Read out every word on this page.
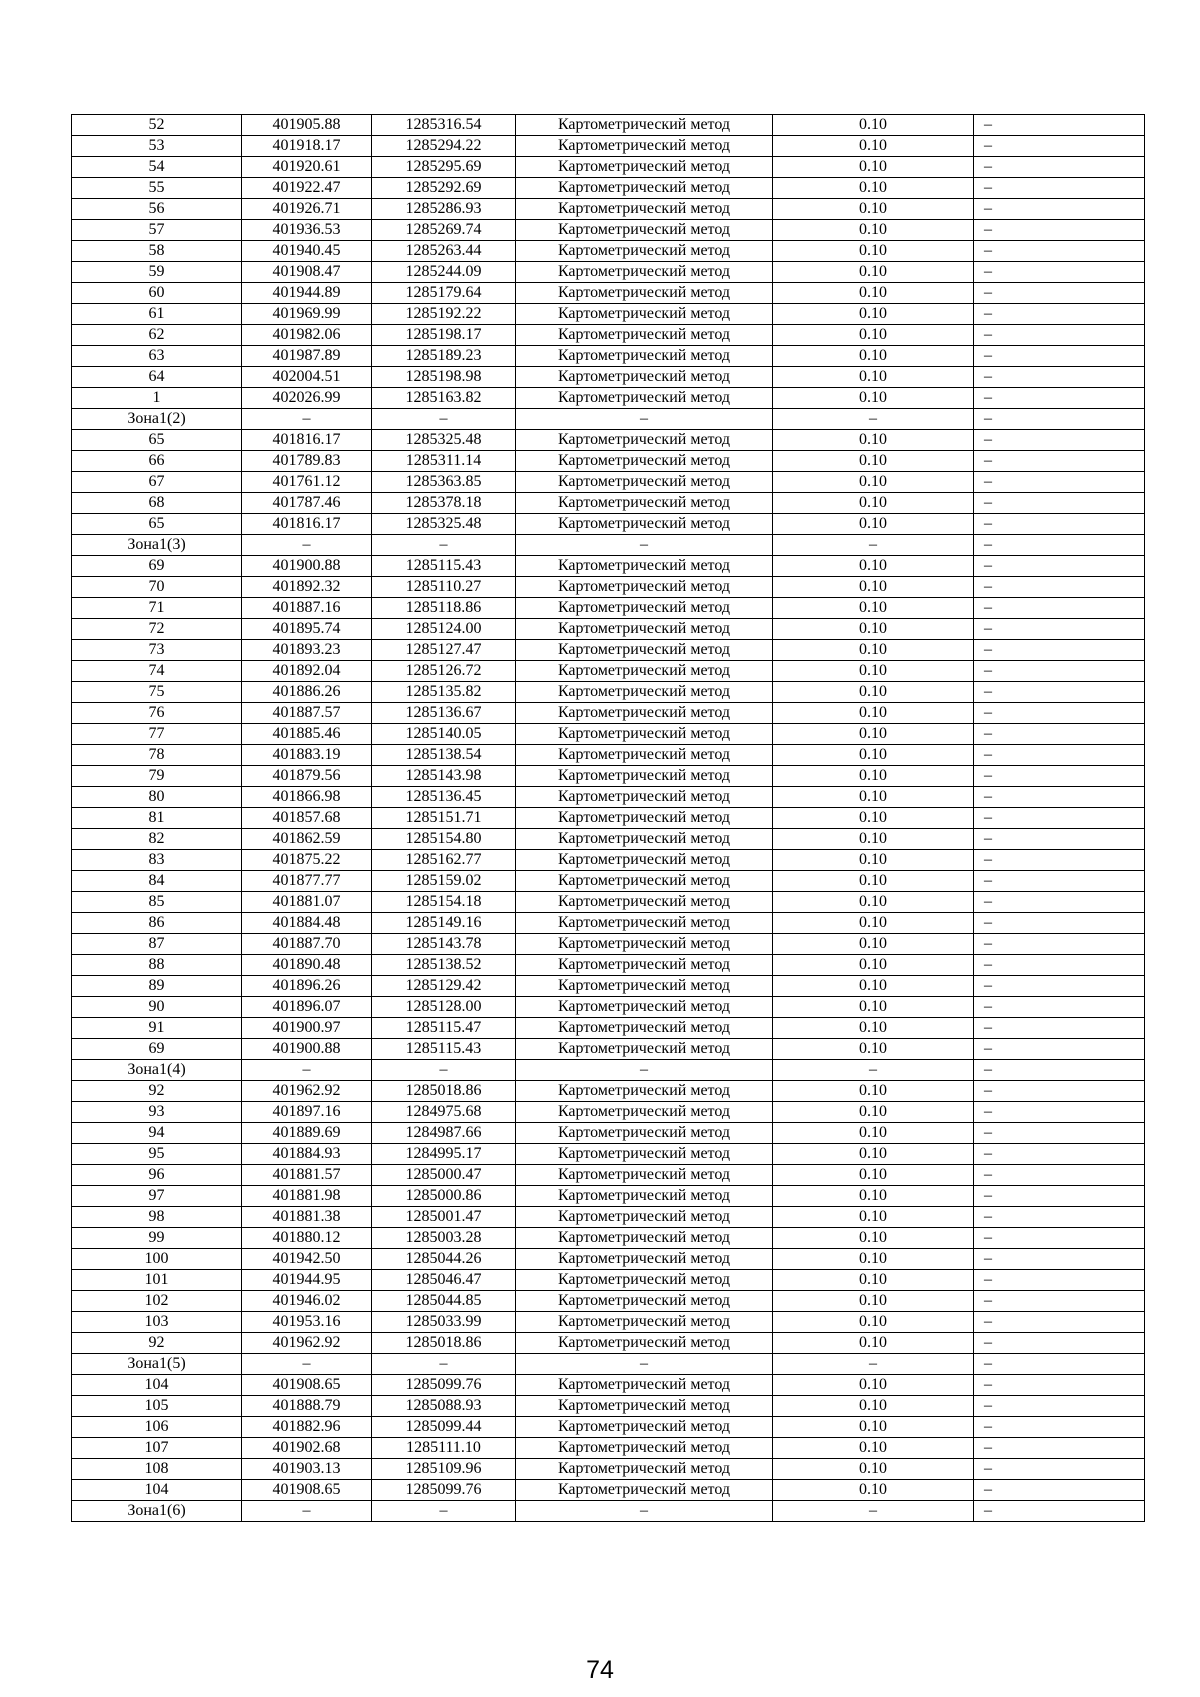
52	401905.88	1285316.54	Картометрический метод	0.10	–
53	401918.17	1285294.22	Картометрический метод	0.10	–
54	401920.61	1285295.69	Картометрический метод	0.10	–
55	401922.47	1285292.69	Картометрический метод	0.10	–
56	401926.71	1285286.93	Картометрический метод	0.10	–
57	401936.53	1285269.74	Картометрический метод	0.10	–
58	401940.45	1285263.44	Картометрический метод	0.10	–
59	401908.47	1285244.09	Картометрический метод	0.10	–
60	401944.89	1285179.64	Картометрический метод	0.10	–
61	401969.99	1285192.22	Картометрический метод	0.10	–
62	401982.06	1285198.17	Картометрический метод	0.10	–
63	401987.89	1285189.23	Картометрический метод	0.10	–
64	402004.51	1285198.98	Картометрический метод	0.10	–
1	402026.99	1285163.82	Картометрический метод	0.10	–
Зона1(2)	–	–	–	–	–
65	401816.17	1285325.48	Картометрический метод	0.10	–
66	401789.83	1285311.14	Картометрический метод	0.10	–
67	401761.12	1285363.85	Картометрический метод	0.10	–
68	401787.46	1285378.18	Картометрический метод	0.10	–
65	401816.17	1285325.48	Картометрический метод	0.10	–
Зона1(3)	–	–	–	–	–
69	401900.88	1285115.43	Картометрический метод	0.10	–
70	401892.32	1285110.27	Картометрический метод	0.10	–
71	401887.16	1285118.86	Картометрический метод	0.10	–
72	401895.74	1285124.00	Картометрический метод	0.10	–
73	401893.23	1285127.47	Картометрический метод	0.10	–
74	401892.04	1285126.72	Картометрический метод	0.10	–
75	401886.26	1285135.82	Картометрический метод	0.10	–
76	401887.57	1285136.67	Картометрический метод	0.10	–
77	401885.46	1285140.05	Картометрический метод	0.10	–
78	401883.19	1285138.54	Картометрический метод	0.10	–
79	401879.56	1285143.98	Картометрический метод	0.10	–
80	401866.98	1285136.45	Картометрический метод	0.10	–
81	401857.68	1285151.71	Картометрический метод	0.10	–
82	401862.59	1285154.80	Картометрический метод	0.10	–
83	401875.22	1285162.77	Картометрический метод	0.10	–
84	401877.77	1285159.02	Картометрический метод	0.10	–
85	401881.07	1285154.18	Картометрический метод	0.10	–
86	401884.48	1285149.16	Картометрический метод	0.10	–
87	401887.70	1285143.78	Картометрический метод	0.10	–
88	401890.48	1285138.52	Картометрический метод	0.10	–
89	401896.26	1285129.42	Картометрический метод	0.10	–
90	401896.07	1285128.00	Картометрический метод	0.10	–
91	401900.97	1285115.47	Картометрический метод	0.10	–
69	401900.88	1285115.43	Картометрический метод	0.10	–
Зона1(4)	–	–	–	–	–
92	401962.92	1285018.86	Картометрический метод	0.10	–
93	401897.16	1284975.68	Картометрический метод	0.10	–
94	401889.69	1284987.66	Картометрический метод	0.10	–
95	401884.93	1284995.17	Картометрический метод	0.10	–
96	401881.57	1285000.47	Картометрический метод	0.10	–
97	401881.98	1285000.86	Картометрический метод	0.10	–
98	401881.38	1285001.47	Картометрический метод	0.10	–
99	401880.12	1285003.28	Картометрический метод	0.10	–
100	401942.50	1285044.26	Картометрический метод	0.10	–
101	401944.95	1285046.47	Картометрический метод	0.10	–
102	401946.02	1285044.85	Картометрический метод	0.10	–
103	401953.16	1285033.99	Картометрический метод	0.10	–
92	401962.92	1285018.86	Картометрический метод	0.10	–
Зона1(5)	–	–	–	–	–
104	401908.65	1285099.76	Картометрический метод	0.10	–
105	401888.79	1285088.93	Картометрический метод	0.10	–
106	401882.96	1285099.44	Картометрический метод	0.10	–
107	401902.68	1285111.10	Картометрический метод	0.10	–
108	401903.13	1285109.96	Картометрический метод	0.10	–
104	401908.65	1285099.76	Картометрический метод	0.10	–
Зона1(6)	–	–	–	–	–
74
